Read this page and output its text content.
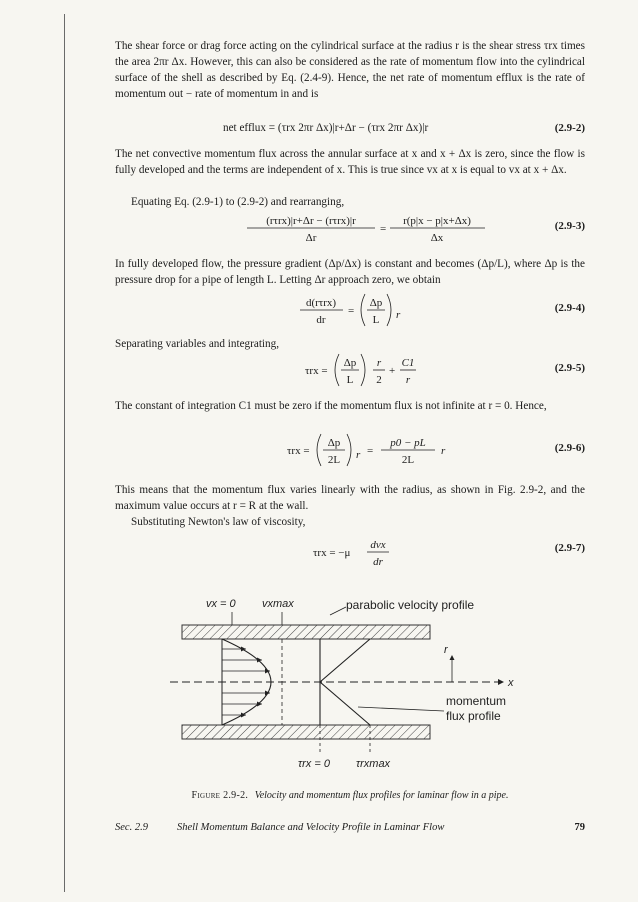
The shear force or drag force acting on the cylindrical surface at the radius r is the shear stress τrx times the area 2πr Δx. However, this can also be considered as the rate of momentum flow into the cylindrical surface of the shell as described by Eq. (2.4-9). Hence, the net rate of momentum efflux is the rate of momentum out − rate of momentum in and is

net efflux = (τrx 2πr Δx)|r+Δr − (τrx 2πr Δx)|r	(2.9-2)

The net convective momentum flux across the annular surface at x and x + Δx is zero, since the flow is fully developed and the terms are independent of x. This is true since vx at x is equal to vx at x + Δx.

Equating Eq. (2.9-1) to (2.9-2) and rearranging,

(rτrx)|r+Δr − (rτrx)|r
Δr
=
r(p|x − p|x+Δx)
Δx
(2.9-3)

In fully developed flow, the pressure gradient (Δp/Δx) is constant and becomes (Δp/L), where Δp is the pressure drop for a pipe of length L. Letting Δr approach zero, we obtain

d(rτrx)
dr
=
Δp
L r
(2.9-4)

Separating variables and integrating,

τrx =
Δp
L
r
2
+
C1
r
(2.9-5)

The constant of integration C1 must be zero if the momentum flux is not infinite at r = 0. Hence,

τrx =
Δp
2L r =
p0 − pL
2L
r	(2.9-6)

This means that the momentum flux varies linearly with the radius, as shown in Fig. 2.9-2, and the maximum value occurs at r = R at the wall.

Substituting Newton's law of viscosity,

τrx = −μ
dvx
dr
(2.9-7)
vx = 0 vxmax	parabolic velocity profile
r
x
momentum
flux profile
τrx = 0 τrxmax
Figure 2.9-2. Velocity and momentum flux profiles for laminar flow in a pipe.
Sec. 2.9	Shell Momentum Balance and Velocity Profile in Laminar Flow	79
